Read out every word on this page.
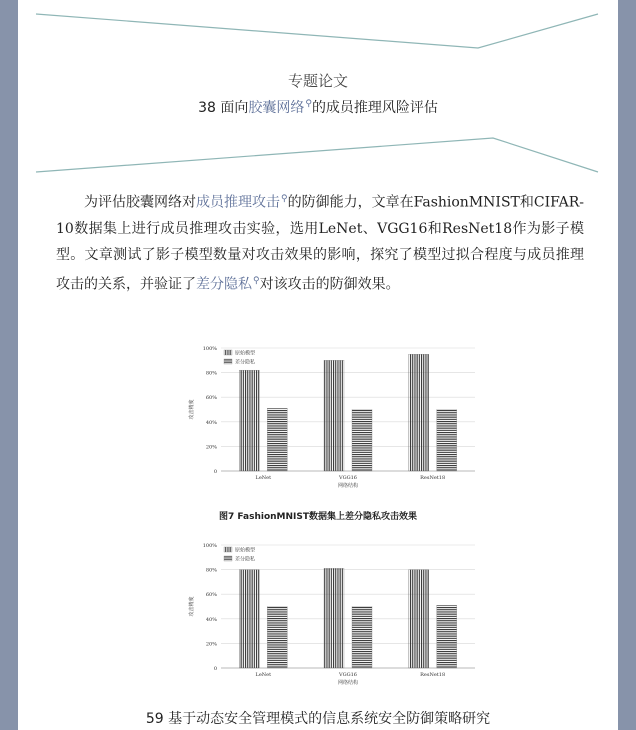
专题论文
38 面向胶囊网络⚲的成员推理风险评估
为评估胶囊网络对成员推理攻击⚲的防御能力，文章在FashionMNIST和CIFAR-10数据集上进行成员推理攻击实验，选用LeNet、VGG16和ResNet18作为影子模型。文章测试了影子模型数量对攻击效果的影响，探究了模型过拟合程度与成员推理攻击的关系，并验证了差分隐私⚲对该攻击的防御效果。
0
20%
40%
60%
80%
100%
LeNet	VGG16	ResNet18
网络结构
攻击精度
原始模型
差分隐私
图7 FashionMNIST数据集上差分隐私攻击效果
0
20%
40%
60%
80%
100%
LeNet	VGG16	ResNet18
网络结构
攻击精度
原始模型
差分隐私
59 基于动态安全管理模式的信息系统安全防御策略研究
